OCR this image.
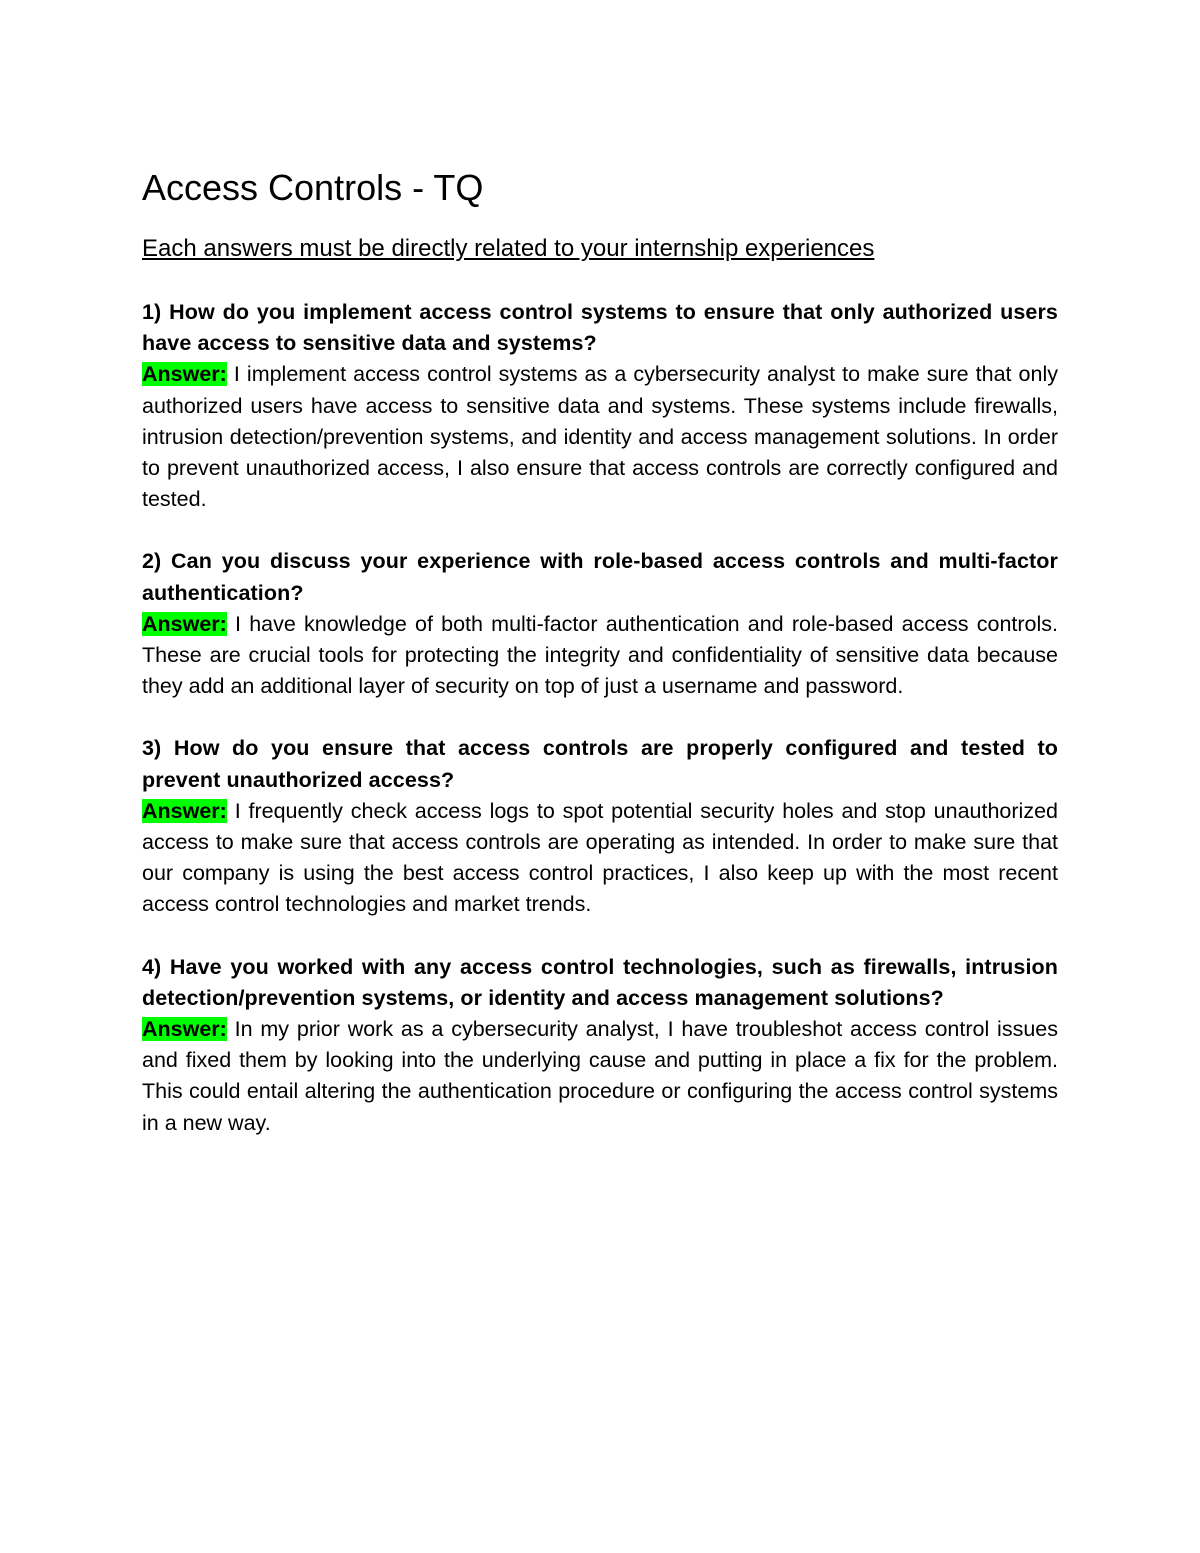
Access Controls - TQ
Each answers must be directly related to your internship experiences

1) How do you implement access control systems to ensure that only authorized users have access to sensitive data and systems?

Answer: I implement access control systems as a cybersecurity analyst to make sure that only authorized users have access to sensitive data and systems. These systems include firewalls, intrusion detection/prevention systems, and identity and access management solutions. In order to prevent unauthorized access, I also ensure that access controls are correctly configured and tested.

2) Can you discuss your experience with role-based access controls and multi-factor authentication?

Answer: I have knowledge of both multi-factor authentication and role-based access controls. These are crucial tools for protecting the integrity and confidentiality of sensitive data because they add an additional layer of security on top of just a username and password.

3) How do you ensure that access controls are properly configured and tested to prevent unauthorized access?

Answer: I frequently check access logs to spot potential security holes and stop unauthorized access to make sure that access controls are operating as intended. In order to make sure that our company is using the best access control practices, I also keep up with the most recent access control technologies and market trends.

4) Have you worked with any access control technologies, such as firewalls, intrusion detection/prevention systems, or identity and access management solutions?

Answer: In my prior work as a cybersecurity analyst, I have troubleshot access control issues and fixed them by looking into the underlying cause and putting in place a fix for the problem. This could entail altering the authentication procedure or configuring the access control systems in a new way.
